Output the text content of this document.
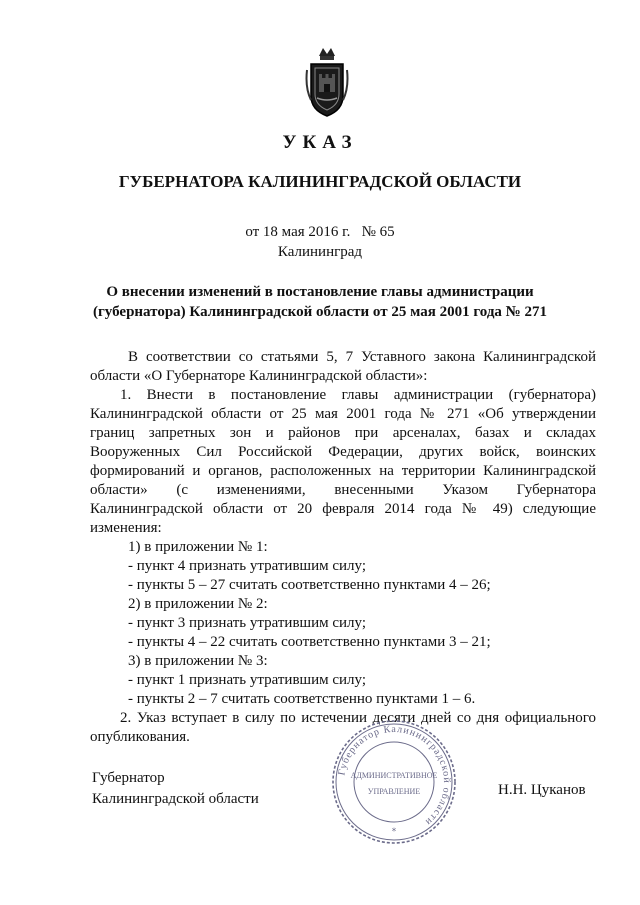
УКАЗ
ГУБЕРНАТОРА КАЛИНИНГРАДСКОЙ ОБЛАСТИ
от 18 мая 2016 г. № 65
Калининград
О внесении изменений в постановление главы администрации
(губернатора) Калининградской области от 25 мая 2001 года № 271
В соответствии со статьями 5, 7 Уставного закона Калининградской
области «О Губернаторе Калининградской области»:
1. Внести в постановление главы администрации (губернатора)
Калининградской области от 25 мая 2001 года № 271 «Об утверждении
границ запретных зон и районов при арсеналах, базах и складах
Вооруженных Сил Российской Федерации, других войск, воинских
формирований и органов, расположенных на территории Калининградской
области» (с изменениями, внесенными Указом Губернатора
Калининградской области от 20 февраля 2014 года № 49) следующие
изменения:
1) в приложении № 1:
- пункт 4 признать утратившим силу;
- пункты 5 – 27 считать соответственно пунктами 4 – 26;
2) в приложении № 2:
- пункт 3 признать утратившим силу;
- пункты 4 – 22 считать соответственно пунктами 3 – 21;
3) в приложении № 3:
- пункт 1 признать утратившим силу;
- пункты 2 – 7 считать соответственно пунктами 1 – 6.
2. Указ вступает в силу по истечении десяти дней со дня официального
опубликования.
Губернатор Калининградской области
АДМИНИСТРАТИВНОЕ
УПРАВЛЕНИЕ
*
Губернатор
Калининградской области
Н.Н. Цуканов
